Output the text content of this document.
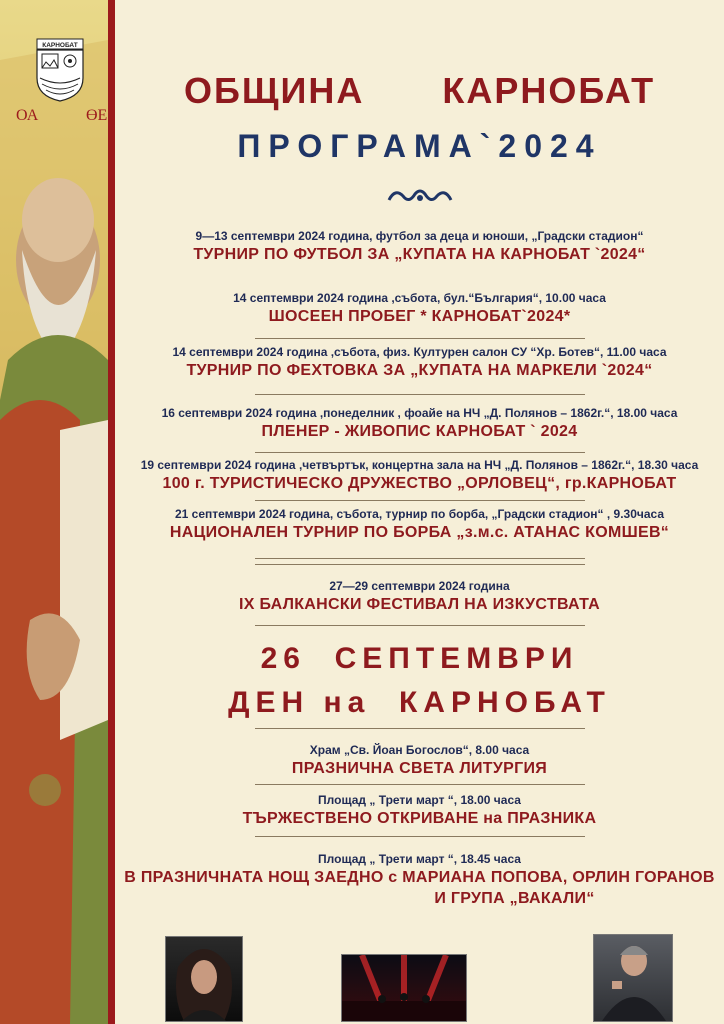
ОА	ӨЕ
КАРНОБАТ
ОБЩИНА   КАРНОБАТ
ПРОГРАМА`2024
9—13 септември 2024 година, футбол за деца и юноши, „Градски стадион“
ТУРНИР ПО ФУТБОЛ ЗА „КУПАТА НА КАРНОБАТ `2024“
14 септември 2024 година ,събота, бул.“България“, 10.00 часа
ШОСЕЕН ПРОБЕГ * КАРНОБАТ`2024*
14 септември 2024 година ,събота, физ. Културен салон СУ “Хр. Ботев“, 11.00 часа
ТУРНИР ПО ФЕХТОВКА ЗА „КУПАТА НА МАРКЕЛИ `2024“
16 септември 2024 година ,понеделник , фоайе на НЧ „Д. Полянов – 1862г.“, 18.00 часа
ПЛЕНЕР - ЖИВОПИС КАРНОБАТ ` 2024
19 септември 2024 година ,четвъртък, концертна зала на НЧ „Д. Полянов – 1862г.“, 18.30 часа
100 г. ТУРИСТИЧЕСКО ДРУЖЕСТВО „ОРЛОВЕЦ“, гр.КАРНОБАТ
21 септември 2024 година, събота, турнир по борба, „Градски стадион“ , 9.30часа
НАЦИОНАЛЕН ТУРНИР ПО БОРБА „з.м.с. АТАНАС КОМШЕВ“
27—29 септември 2024 година
IX БАЛКАНСКИ ФЕСТИВАЛ НА ИЗКУСТВАТА
26  СЕПТЕМВРИ
ДЕН на  КАРНОБАТ
Храм „Св. Йоан Богослов“, 8.00 часа
ПРАЗНИЧНА СВЕТА ЛИТУРГИЯ
Площад „ Трети март “, 18.00 часа
ТЪРЖЕСТВЕНО ОТКРИВАНЕ на ПРАЗНИКА
Площад „ Трети март “, 18.45 часа
В ПРАЗНИЧНАТА НОЩ ЗАЕДНО с МАРИАНА ПОПОВА, ОРЛИН ГОРАНОВ
И ГРУПА „ВАКАЛИ“
